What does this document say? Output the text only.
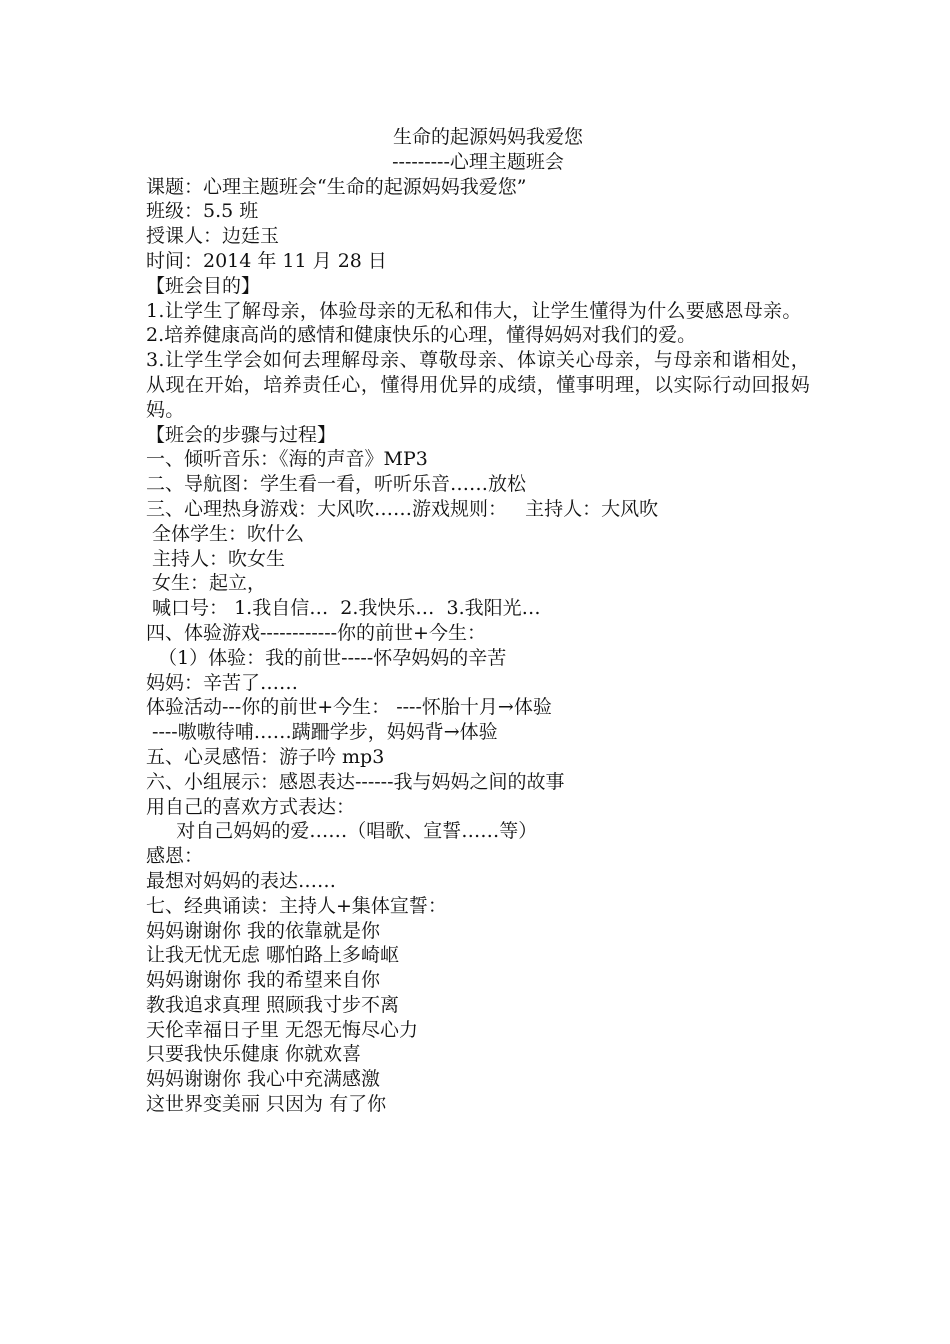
生命的起源妈妈我爱您
---------心理主题班会
课题：心理主题班会“生命的起源妈妈我爱您”
班级：5.5 班
授课人：边廷玉
时间：2014 年 11 月 28 日
【班会目的】
1.让学生了解母亲，体验母亲的无私和伟大，让学生懂得为什么要感恩母亲。
2.培养健康高尚的感情和健康快乐的心理，懂得妈妈对我们的爱。
3.让学生学会如何去理解母亲、尊敬母亲、体谅关心母亲，与母亲和谐相处，从现在开始，培养责任心，懂得用优异的成绩，懂事明理，以实际行动回报妈妈。
【班会的步骤与过程】
一、倾听音乐：《海的声音》MP3
二、导航图：学生看一看，听听乐音……放松
三、心理热身游戏：大风吹……游戏规则：   主持人：大风吹
全体学生：吹什么
主持人：吹女生
女生：起立，
喊口号： 1.我自信…  2.我快乐…  3.我阳光…
四、体验游戏------------你的前世+今生：
（1）体验：我的前世-----怀孕妈妈的辛苦
妈妈：辛苦了……
体验活动---你的前世+今生： ----怀胎十月→体验
----嗷嗷待哺……蹒跚学步，妈妈背→体验
五、心灵感悟：游子吟 mp3
六、小组展示：感恩表达------我与妈妈之间的故事
用自己的喜欢方式表达：
对自己妈妈的爱……（唱歌、宣誓……等）
感恩：
最想对妈妈的表达……
七、经典诵读：主持人+集体宣誓：
妈妈谢谢你 我的依靠就是你
让我无忧无虑 哪怕路上多崎岖
妈妈谢谢你 我的希望来自你
教我追求真理 照顾我寸步不离
天伦幸福日子里 无怨无悔尽心力
只要我快乐健康 你就欢喜
妈妈谢谢你 我心中充满感激
这世界变美丽 只因为 有了你
